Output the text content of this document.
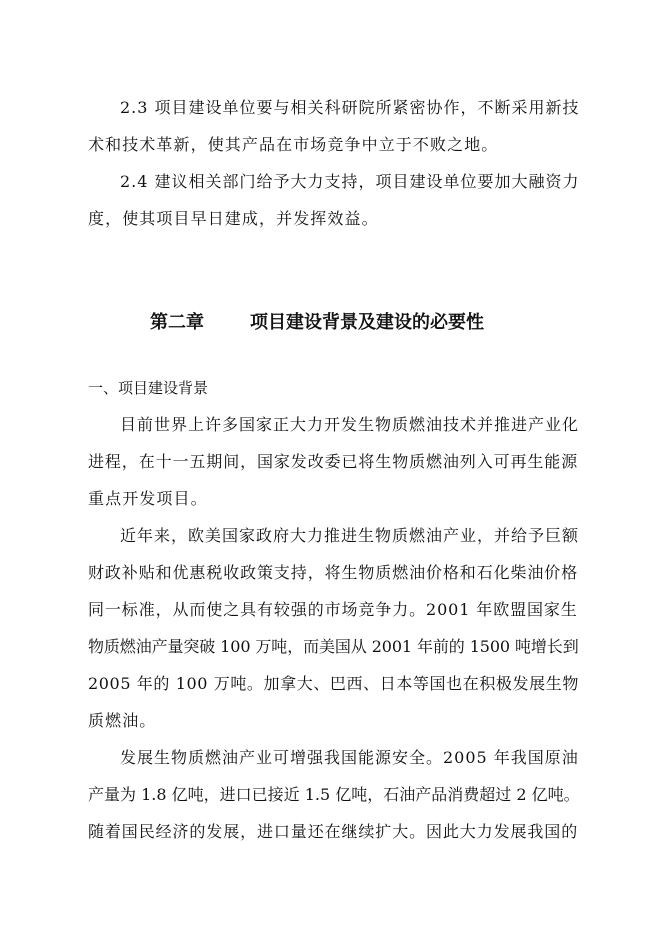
2.3 项目建设单位要与相关科研院所紧密协作，不断采用新技
术和技术革新，使其产品在市场竞争中立于不败之地。
2.4 建议相关部门给予大力支持，项目建设单位要加大融资力
度，使其项目早日建成，并发挥效益。
第二章	项目建设背景及建设的必要性
一、项目建设背景
目前世界上许多国家正大力开发生物质燃油技术并推进产业化
进程，在十一五期间，国家发改委已将生物质燃油列入可再生能源
重点开发项目。
近年来，欧美国家政府大力推进生物质燃油产业，并给予巨额
财政补贴和优惠税收政策支持，将生物质燃油价格和石化柴油价格
同一标准，从而使之具有较强的市场竞争力。2001 年欧盟国家生
物质燃油产量突破 100 万吨，而美国从 2001 年前的 1500 吨增长到
2005 年的 100 万吨。加拿大、巴西、日本等国也在积极发展生物
质燃油。
发展生物质燃油产业可增强我国能源安全。2005 年我国原油
产量为 1.8 亿吨，进口已接近 1.5 亿吨，石油产品消费超过 2 亿吨。
随着国民经济的发展，进口量还在继续扩大。因此大力发展我国的
